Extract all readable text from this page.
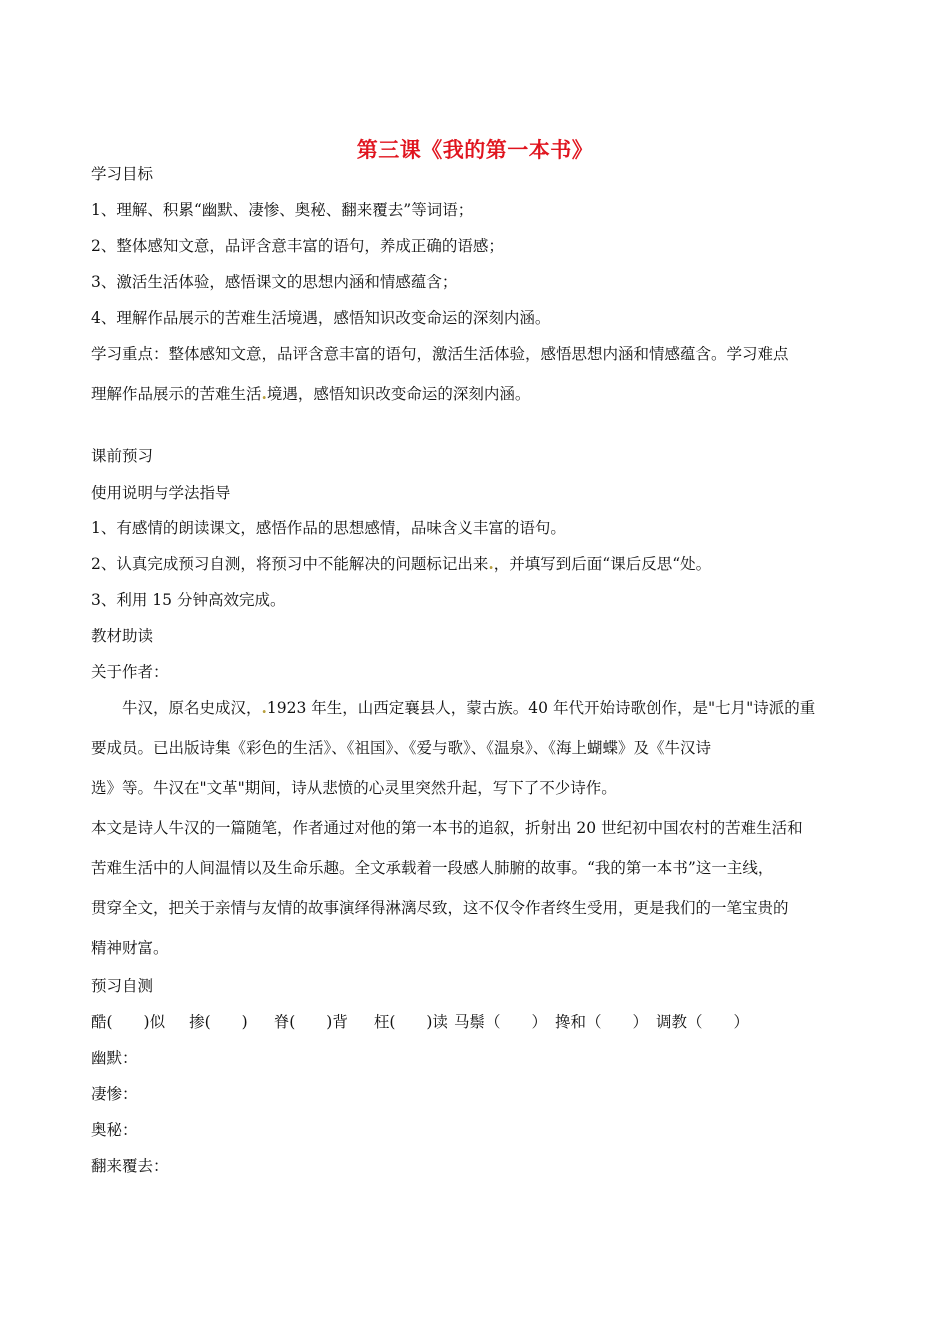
第三课《我的第一本书》
学习目标
1、理解、积累“幽默、凄惨、奥秘、翻来覆去”等词语；
2、整体感知文意，品评含意丰富的语句，养成正确的语感；
3、激活生活体验，感悟课文的思想内涵和情感蕴含；
4、理解作品展示的苦难生活境遇，感悟知识改变命运的深刻内涵。
学习重点：整体感知文意，品评含意丰富的语句，激活生活体验，感悟思想内涵和情感蕴含。学习难点
理解作品展示的苦难生活.境遇，感悟知识改变命运的深刻内涵。
课前预习
使用说明与学法指导
1、有感情的朗读课文，感悟作品的思想感情，品味含义丰富的语句。
2、认真完成预习自测，将预习中不能解决的问题标记出来.，并填写到后面“课后反思“处。
3、利用 15 分钟高效完成。
教材助读
关于作者：
牛汉，原名史成汉，.1923 年生，山西定襄县人，蒙古族。40 年代开始诗歌创作，是"七月"诗派的重
要成员。已出版诗集《彩色的生活》、《祖国》、《爱与歌》、《温泉》、《海上蝴蝶》及《牛汉诗
选》等。牛汉在"文革"期间，诗从悲愤的心灵里突然升起，写下了不少诗作。
本文是诗人牛汉的一篇随笔，作者通过对他的第一本书的追叙，折射出 20 世纪初中国农村的苦难生活和
苦难生活中的人间温情以及生命乐趣。全文承载着一段感人肺腑的故事。“我的第一本书”这一主线，
贯穿全文，把关于亲情与友情的故事演绎得淋漓尽致，这不仅令作者终生受用，更是我们的一笔宝贵的
精神财富。
预习自测
酷(　　)似 掺(　　) 脊(　　)背 枉(　　)读 马鬃（　　） 搀和（　　） 调教（　　）
幽默：
凄惨：
奥秘：
翻来覆去：
